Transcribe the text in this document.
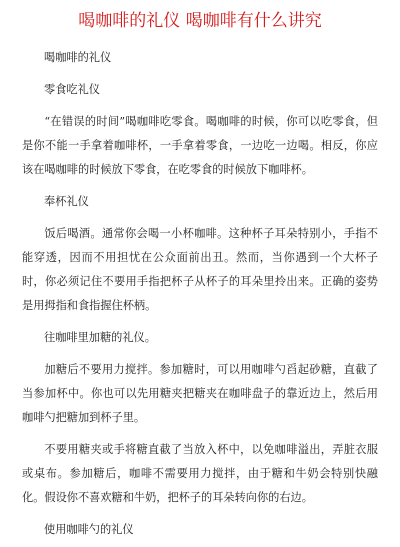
喝咖啡的礼仪 喝咖啡有什么讲究
喝咖啡的礼仪
零食吃礼仪

“在错误的时间”喝咖啡吃零食。喝咖啡的时候，你可以吃零食，但是你不能一手拿着咖啡杯，一手拿着零食，一边吃一边喝。相反，你应该在喝咖啡的时候放下零食，在吃零食的时候放下咖啡杯。

奉杯礼仪

饭后喝酒。通常你会喝一小杯咖啡。这种杯子耳朵特别小，手指不能穿透，因而不用担忧在公众面前出丑。然而，当你遇到一个大杯子时，你必须记住不要用手指把杯子从杯子的耳朵里拎出来。正确的姿势是用拇指和食指握住杯柄。

往咖啡里加糖的礼仪。

加糖后不要用力搅拌。参加糖时，可以用咖啡勺舀起砂糖，直截了当参加杯中。你也可以先用糖夹把糖夹在咖啡盘子的靠近边上，然后用咖啡勺把糖加到杯子里。

不要用糖夹或手将糖直截了当放入杯中，以免咖啡溢出，弄脏衣服或桌布。参加糖后，咖啡不需要用力搅拌，由于糖和牛奶会特别快融化。假设你不喜欢糖和牛奶，把杯子的耳朵转向你的右边。

使用咖啡勺的礼仪
